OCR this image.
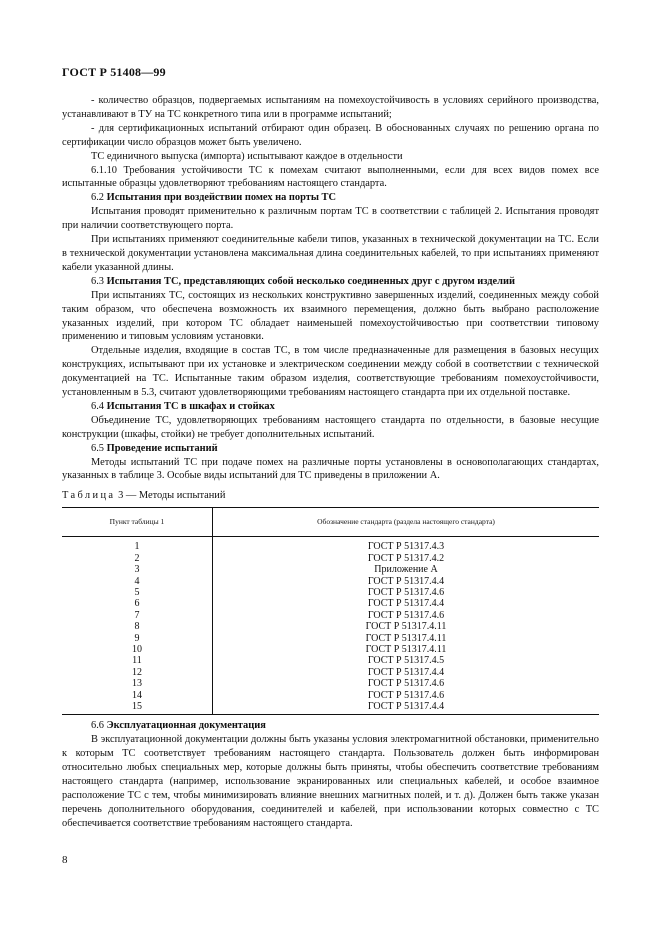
ГОСТ Р 51408—99

- количество образцов, подвергаемых испытаниям на помехоустойчивость в условиях серийного производства, устанавливают в ТУ на ТС конкретного типа или в программе испытаний;

- для сертификационных испытаний отбирают один образец. В обоснованных случаях по решению органа по сертификации число образцов может быть увеличено.

ТС единичного выпуска (импорта) испытывают каждое в отдельности

6.1.10 Требования устойчивости ТС к помехам считают выполненными, если для всех видов помех все испытанные образцы удовлетворяют требованиям настоящего стандарта.

6.2 Испытания при воздействии помех на порты ТС

Испытания проводят применительно к различным портам ТС в соответствии с таблицей 2. Испытания проводят при наличии соответствующего порта.

При испытаниях применяют соединительные кабели типов, указанных в технической документации на ТС. Если в технической документации установлена максимальная длина соединительных кабелей, то при испытаниях применяют кабели указанной длины.

6.3 Испытания ТС, представляющих собой несколько соединенных друг с другом изделий

При испытаниях ТС, состоящих из нескольких конструктивно завершенных изделий, соединенных между собой таким образом, что обеспечена возможность их взаимного перемещения, должно быть выбрано расположение указанных изделий, при котором ТС обладает наименьшей помехоустойчивостью при соответствии типовому применению и типовым условиям установки.

Отдельные изделия, входящие в состав ТС, в том числе предназначенные для размещения в базовых несущих конструкциях, испытывают при их установке и электрическом соединении между собой в соответствии с технической документацией на ТС. Испытанные таким образом изделия, соответствующие требованиям помехоустойчивости, установленным в 5.3, считают удовлетворяющими требованиям настоящего стандарта при их отдельной поставке.

6.4 Испытания ТС в шкафах и стойках

Объединение ТС, удовлетворяющих требованиям настоящего стандарта по отдельности, в базовые несущие конструкции (шкафы, стойки) не требует дополнительных испытаний.

6.5 Проведение испытаний

Методы испытаний ТС при подаче помех на различные порты установлены в основополагающих стандартах, указанных в таблице 3. Особые виды испытаний для ТС приведены в приложении А.

Таблица 3 — Методы испытаний

Пункт таблицы 1	Обозначение стандарта (раздела настоящего стандарта)
1	ГОСТ Р 51317.4.3
2	ГОСТ Р 51317.4.2
3	Приложение А
4	ГОСТ Р 51317.4.4
5	ГОСТ Р 51317.4.6
6	ГОСТ Р 51317.4.4
7	ГОСТ Р 51317.4.6
8	ГОСТ Р 51317.4.11
9	ГОСТ Р 51317.4.11
10	ГОСТ Р 51317.4.11
11	ГОСТ Р 51317.4.5
12	ГОСТ Р 51317.4.4
13	ГОСТ Р 51317.4.6
14	ГОСТ Р 51317.4.6
15	ГОСТ Р 51317.4.4

6.6 Эксплуатационная документация

В эксплуатационной документации должны быть указаны условия электромагнитной обстановки, применительно к которым ТС соответствует требованиям настоящего стандарта. Пользователь должен быть информирован относительно любых специальных мер, которые должны быть приняты, чтобы обеспечить соответствие требованиям настоящего стандарта (например, использование экранированных или специальных кабелей, и особое взаимное расположение ТС с тем, чтобы минимизировать влияние внешних магнитных полей, и т. д). Должен быть также указан перечень дополнительного оборудования, соединителей и кабелей, при использовании которых совместно с ТС обеспечивается соответствие требованиям настоящего стандарта.

8
